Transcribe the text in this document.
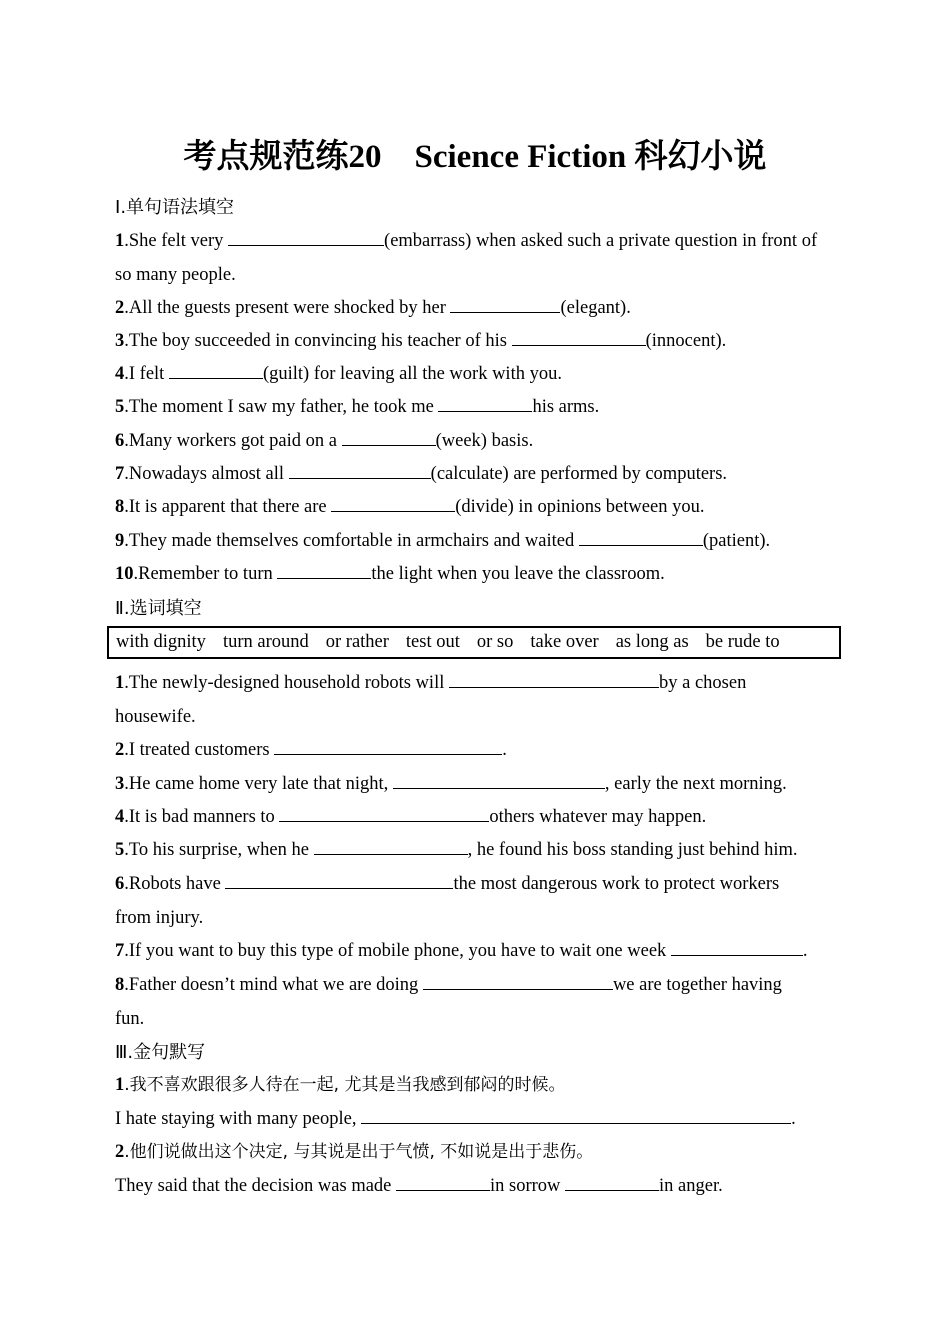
考点规范练20　Science Fiction 科幻小说
Ⅰ.单句语法填空
1.She felt very	(embarrass) when asked such a private question in front of
so many people.
2.All the guests present were shocked by her	(elegant).
3.The boy succeeded in convincing his teacher of his	(innocent).
4.I felt	(guilt) for leaving all the work with you.
5.The moment I saw my father, he took me	his arms.
6.Many workers got paid on a	(week) basis.
7.Nowadays almost all	(calculate) are performed by computers.
8.It is apparent that there are	(divide) in opinions between you.
9.They made themselves comfortable in armchairs and waited	(patient).
10.Remember to turn	the light when you leave the classroom.
Ⅱ.选词填空
with dignity turn around or rather test out or so take over as long as be rude to
1.The newly-designed household robots will	by a chosen
housewife.
2.I treated customers	.
3.He came home very late that night,	, early the next morning.
4.It is bad manners to	others whatever may happen.
5.To his surprise, when he	, he found his boss standing just behind him.
6.Robots have	the most dangerous work to protect workers
from injury.
7.If you want to buy this type of mobile phone, you have to wait one week	.
8.Father doesn’t mind what we are doing	we are together having
fun.
Ⅲ.金句默写
1.我不喜欢跟很多人待在一起, 尤其是当我感到郁闷的时候。
I hate staying with many people,	.
2.他们说做出这个决定, 与其说是出于气愤, 不如说是出于悲伤。
They said that the decision was made	in sorrow	in anger.
